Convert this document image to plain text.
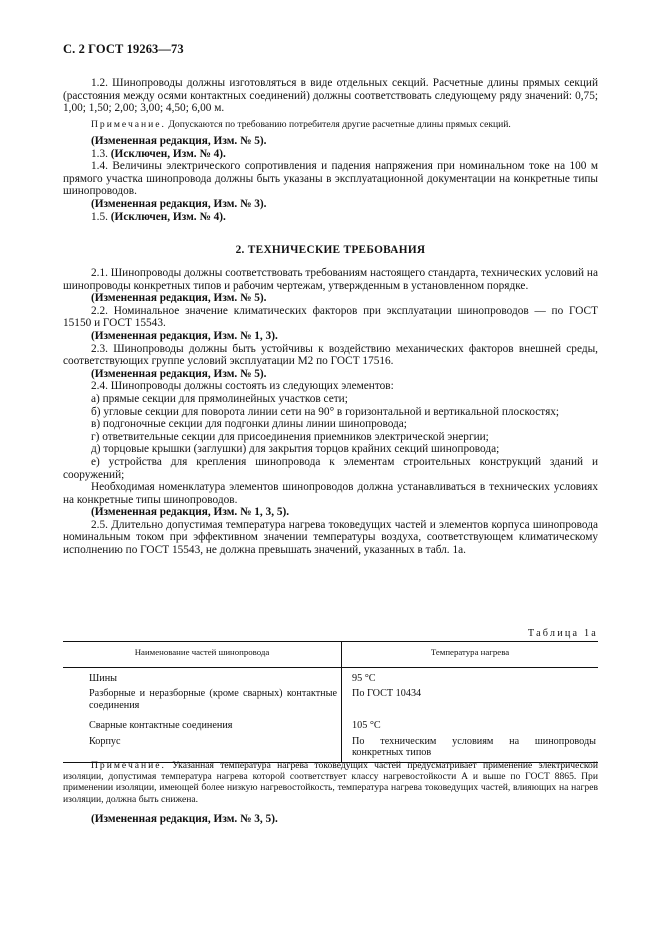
С. 2 ГОСТ 19263—73

1.2. Шинопроводы должны изготовляться в виде отдельных секций. Расчетные длины прямых секций (расстояния между осями контактных соединений) должны соответствовать следующему ряду значений: 0,75; 1,00; 1,50; 2,00; 3,00; 4,50; 6,00 м.

Примечание. Допускаются по требованию потребителя другие расчетные длины прямых секций.

(Измененная редакция, Изм. № 5).

1.3. (Исключен, Изм. № 4).

1.4. Величины электрического сопротивления и падения напряжения при номинальном токе на 100 м прямого участка шинопровода должны быть указаны в эксплуатационной документации на конкретные типы шинопроводов.

(Измененная редакция, Изм. № 3).

1.5. (Исключен, Изм. № 4).

2. ТЕХНИЧЕСКИЕ ТРЕБОВАНИЯ

2.1. Шинопроводы должны соответствовать требованиям настоящего стандарта, технических условий на шинопроводы конкретных типов и рабочим чертежам, утвержденным в установленном порядке.

(Измененная редакция, Изм. № 5).

2.2. Номинальное значение климатических факторов при эксплуатации шинопроводов — по ГОСТ 15150 и ГОСТ 15543.

(Измененная редакция, Изм. № 1, 3).

2.3. Шинопроводы должны быть устойчивы к воздействию механических факторов внешней среды, соответствующих группе условий эксплуатации М2 по ГОСТ 17516.

(Измененная редакция, Изм. № 5).

2.4. Шинопроводы должны состоять из следующих элементов:

а) прямые секции для прямолинейных участков сети;

б) угловые секции для поворота линии сети на 90° в горизонтальной и вертикальной плоскостях;

в) подгоночные секции для подгонки длины линии шинопровода;

г) ответвительные секции для присоединения приемников электрической энергии;

д) торцовые крышки (заглушки) для закрытия торцов крайних секций шинопровода;

е) устройства для крепления шинопровода к элементам строительных конструкций зданий и сооружений;

Необходимая номенклатура элементов шинопроводов должна устанавливаться в технических условиях на конкретные типы шинопроводов.

(Измененная редакция, Изм. № 1, 3, 5).

2.5. Длительно допустимая температура нагрева токоведущих частей и элементов корпуса шинопровода номинальным током при эффективном значении температуры воздуха, соответствующем климатическому исполнению по ГОСТ 15543, не должна превышать значений, указанных в табл. 1а.

Таблица 1а
Наименование частей шинопровода	Температура нагрева
Шины	95 °С
Разборные и неразборные (кроме сварных) контактные соединения	По ГОСТ 10434
Сварные контактные соединения	105 °С
Корпус	По техническим условиям на шинопроводы конкретных типов

Примечание. Указанная температура нагрева токоведущих частей предусматривает применение электрической изоляции, допустимая температура нагрева которой соответствует классу нагревостойкости А и выше по ГОСТ 8865. При применении изоляции, имеющей более низкую нагревостойкость, температура нагрева токоведущих частей, влияющих на нагрев изоляции, должна быть снижена.

(Измененная редакция, Изм. № 3, 5).
